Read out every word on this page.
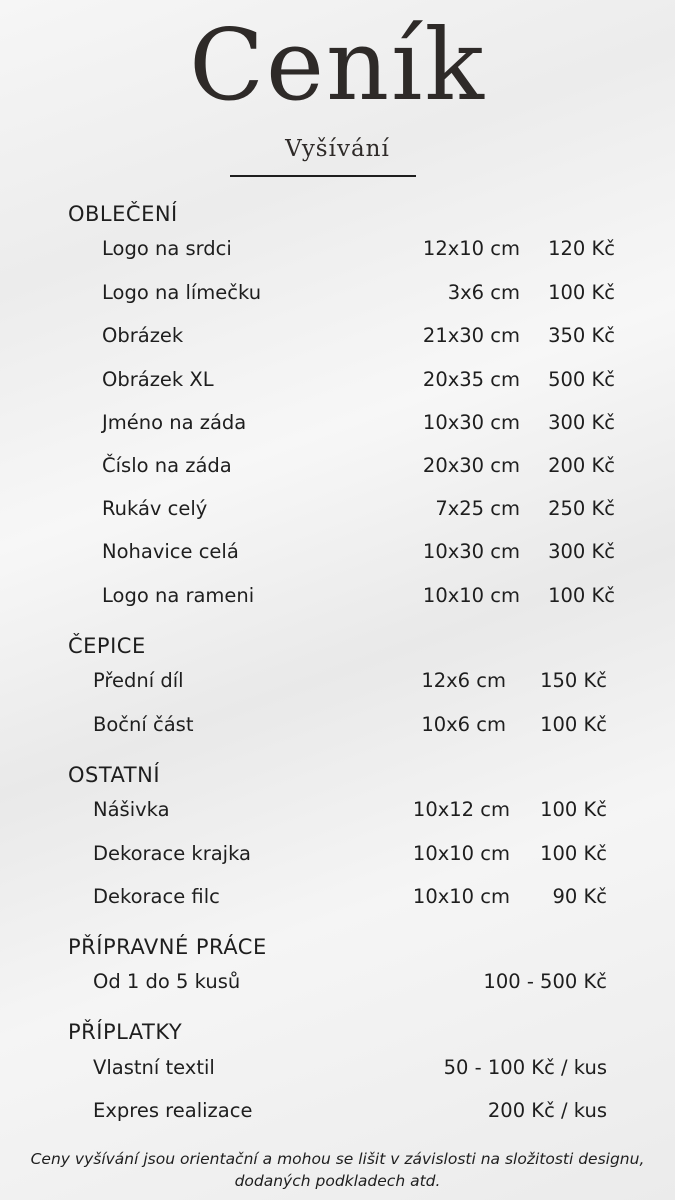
Ceník
Vyšívání
OBLEČENÍ
Logo na srdci	12x10 cm 120 Kč
Logo na límečku	3x6 cm 100 Kč
Obrázek	21x30 cm 350 Kč
Obrázek XL	20x35 cm 500 Kč
Jméno na záda	10x30 cm 300 Kč
Číslo na záda	20x30 cm 200 Kč
Rukáv celý	7x25 cm 250 Kč
Nohavice celá	10x30 cm 300 Kč
Logo na rameni	10x10 cm 100 Kč
ČEPICE
Přední díl	12x6 cm 150 Kč
Boční část	10x6 cm 100 Kč
OSTATNÍ
Nášivka	10x12 cm 100 Kč
Dekorace krajka	10x10 cm 100 Kč
Dekorace filc	10x10 cm 90 Kč
PŘÍPRAVNÉ PRÁCE
Od 1 do 5 kusů	100 - 500 Kč
PŘÍPLATKY
Vlastní textil	50 - 100 Kč / kus
Expres realizace	200 Kč / kus
Ceny vyšívání jsou orientační a mohou se lišit v závislosti na složitosti designu, dodaných podkladech atd.
